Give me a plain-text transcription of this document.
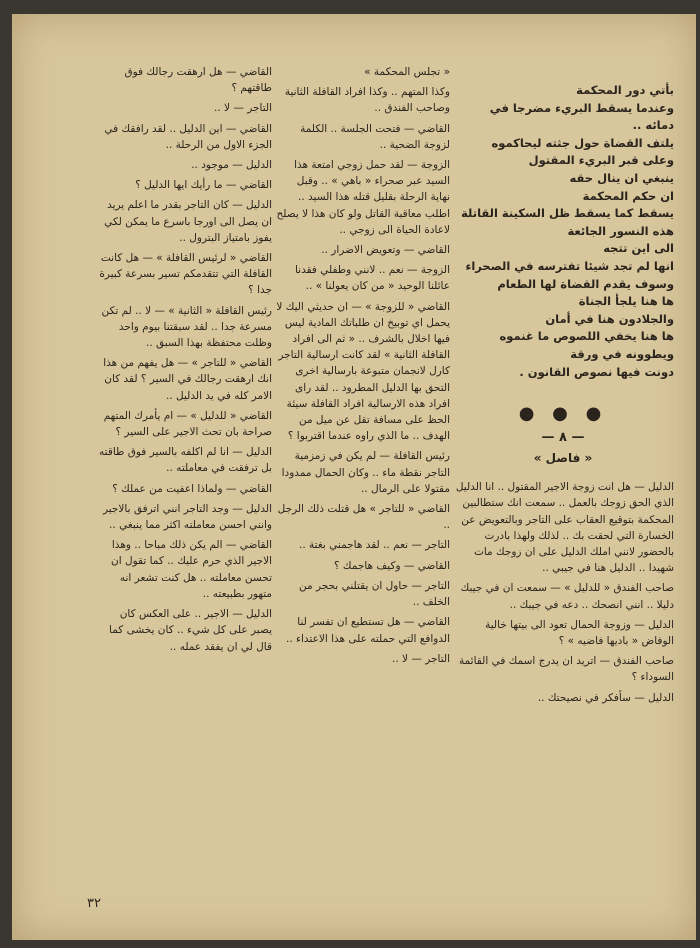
بأتي دور المحكمة

وعندما يسقط البريء مضرجا في

دمائه ..

يلتف القضاة حول جثته ليحاكموه

وعلى قبر البريء المقتول

ينبغي ان ينال حقه

ان حكم المحكمة

يسقط كما يسقط ظل السكينة القاتلة

هذه النسور الجائعة

الى اين تتجه

انها لم تجد شيئا تفترسه في الصحراء

وسوف يقدم القضاة لها الطعام

ها هنا يلجأ الجناة

والجلادون هنا في أمان

ها هنا يخفي اللصوص ما غنموه

ويطوونه في ورقة

دونت فيها نصوص القانون .

● ● ●
— ٨ —
« فاصل »

الدليل — هل انت زوجة الاجير المقتول .. انا الدليل الذي الحق زوجك بالعمل .. سمعت انك ستطالبين المحكمة بتوقيع العقاب على التاجر وبالتعويض عن الخسارة التي لحقت بك .. لذلك ولهذا بادرت بالحضور لانني املك الدليل على ان زوجك مات شهيدا .. الدليل هنا في جيبي ..

صاحب الفندق « للدليل » — سمعت ان في جيبك دليلا .. انني انصحك .. دعه في جيبك ..

الدليل — وزوجة الحمال تعود الى بيتها خالية الوفاض « باديها فاضيه » ؟

صاحب الفندق — اتريد ان يدرج اسمك في القائمة السوداء ؟

الدليل — سأفكر في نصيحتك ..

« تجلس المحكمة »

وكذا المتهم .. وكذا افراد القافلة الثانية وصاحب الفندق ..

القاضي — فتحت الجلسة .. الكلمة لزوجة الضحية ..

الزوجة — لقد حمل زوجي امتعة هذا السيد عبر صحراء « باهي » .. وقبل نهاية الرحلة بقليل قتله هذا السيد .. اطلب معاقبة القاتل ولو كان هذا لا يصلح لاعادة الحياة الى زوجي ..

القاضي — وتعويض الاضرار ..

الزوجة — نعم .. لانني وطفلي فقدنا عائلنا الوحيد « من كان يعولنا » ..

القاضي « للزوجة » — ان حديثي اليك لا يحمل اي توبيخ ان طلباتك المادية ليس فيها اخلال بالشرف .. « ثم الى افراد القافلة الثانية » لقد كانت ارسالية التاجر كارل لانجمان متبوعة بارسالية اخرى التحق بها الدليل المطرود .. لقد راى افراد هذه الارسالية افراد القافلة سيئة الحظ على مسافة تقل عن ميل من الهدف .. ما الذي راوه عندما اقتربوا ؟

رئيس القافلة — لم يكن في زمزمية التاجر نقطة ماء .. وكان الحمال ممدودا مقتولا على الرمال ..

القاضي « للتاجر » هل قتلت ذلك الرجل ..

التاجر — نعم .. لقد هاجمني بغتة ..

القاضي — وكيف هاجمك ؟

التاجر — حاول ان يقتلني بحجر من الخلف ..

القاضي — هل تستطيع ان تفسر لنا الدوافع التي حملته على هذا الاعتداء ..

التاجر — لا ..

القاضي — هل ارهقت رجالك فوق طاقتهم ؟

التاجر — لا ..

القاضي — اين الدليل .. لقد رافقك في الجزء الاول من الرحلة ..

الدليل — موجود ..

القاضي — ما رأيك ايها الدليل ؟

الدليل — كان التاجر بقدر ما اعلم يريد ان يصل الى اورجا باسرع ما يمكن لكي يفوز بامتياز البترول ..

القاضي « لرئيس القافلة » — هل كانت القافلة التي تتقدمكم تسير بسرعة كبيرة جدا ؟

رئيس القافلة « الثانية » — لا .. لم تكن مسرعة جدا .. لقد سبقتنا بيوم واحد وظلت محتفظة بهذا السبق ..

القاضي « للتاجر » — هل يفهم من هذا انك ارهقت رجالك في السير ؟ لقد كان الامر كله في يد الدليل ..

القاضي « للدليل » — ام يأمرك المتهم صراحة بان تحث الاجير على السير ؟

الدليل — انا لم اكلفه بالسير فوق طاقته بل ترفقت في معاملته ..

القاضي — ولماذا اعفيت من عملك ؟

الدليل — وجد التاجر انني اترفق بالاجير وانني احسن معاملته اكثر مما ينبغي ..

القاضي — الم يكن ذلك مباحا .. وهذا الاجير الذي حرم عليك .. كما تقول ان تحسن معاملته .. هل كنت تشعر انه متهور بطبيعته ..

الدليل — الاجير .. على العكس كان يصبر على كل شيء .. كان يخشى كما قال لي ان يفقد عمله ..

٣٢
